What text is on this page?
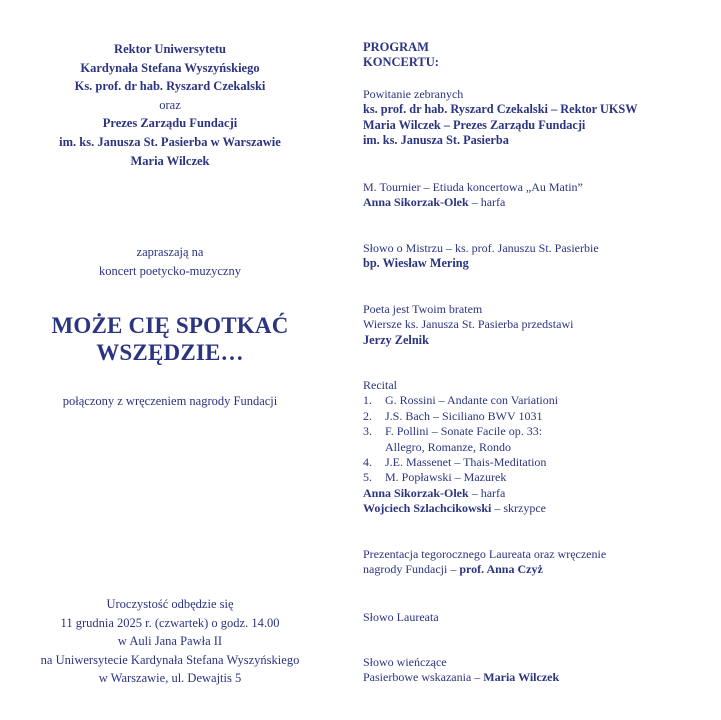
Rektor Uniwersytetu
Kardynała Stefana Wyszyńskiego
Ks. prof. dr hab. Ryszard Czekalski
oraz
Prezes Zarządu Fundacji
im. ks. Janusza St. Pasierba w Warszawie
Maria Wilczek
zapraszają na
koncert poetycko-muzyczny
MOŻE CIĘ SPOTKAĆ
WSZĘDZIE…
połączony z wręczeniem nagrody Fundacji
Uroczystość odbędzie się
11 grudnia 2025 r. (czwartek) o godz. 14.00
w Auli Jana Pawła II
na Uniwersytecie Kardynała Stefana Wyszyńskiego
w Warszawie, ul. Dewajtis 5
PROGRAM
KONCERTU:
Powitanie zebranych
ks. prof. dr hab. Ryszard Czekalski – Rektor UKSW
Maria Wilczek – Prezes Zarządu Fundacji
im. ks. Janusza St. Pasierba
M. Tournier – Etiuda koncertowa „Au Matin”
Anna Sikorzak-Olek – harfa
Słowo o Mistrzu – ks. prof. Januszu St. Pasierbie
bp. Wiesław Mering
Poeta jest Twoim bratem
Wiersze ks. Janusza St. Pasierba przedstawi
Jerzy Zelnik
Recital
1. G. Rossini – Andante con Variationi
2. J.S. Bach – Siciliano BWV 1031
3. F. Pollini – Sonate Facile op. 33:
Allegro, Romanze, Rondo
4. J.E. Massenet – Thais-Meditation
5. M. Popławski – Mazurek
Anna Sikorzak-Olek – harfa
Wojciech Szlachcikowski – skrzypce
Prezentacja tegorocznego Laureata oraz wręczenie
nagrody Fundacji – prof. Anna Czyż
Słowo Laureata
Słowo wieńczące
Pasierbowe wskazania – Maria Wilczek
